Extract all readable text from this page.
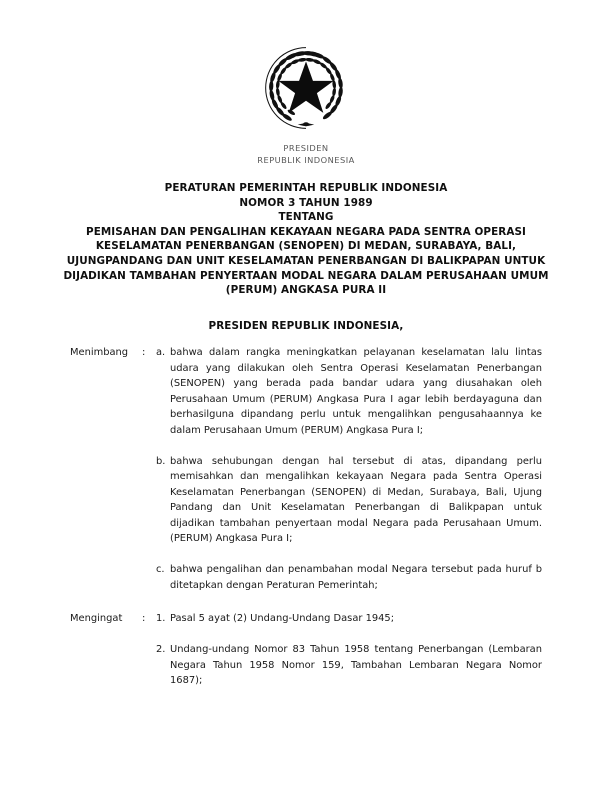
PRESIDEN
REPUBLIK INDONESIA
PERATURAN PEMERINTAH REPUBLIK INDONESIA
NOMOR 3 TAHUN 1989
TENTANG
PEMISAHAN DAN PENGALIHAN KEKAYAAN NEGARA PADA SENTRA OPERASI
KESELAMATAN PENERBANGAN (SENOPEN) DI MEDAN, SURABAYA, BALI,
UJUNGPANDANG DAN UNIT KESELAMATAN PENERBANGAN DI BALIKPAPAN UNTUK
DIJADIKAN TAMBAHAN PENYERTAAN MODAL NEGARA DALAM PERUSAHAAN UMUM
(PERUM) ANGKASA PURA II
PRESIDEN REPUBLIK INDONESIA,
Menimbang	:	a. bahwa dalam rangka meningkatkan pelayanan keselamatan lalu lintas udara yang dilakukan oleh Sentra Operasi Keselamatan Penerbangan (SENOPEN) yang berada pada bandar udara yang diusahakan oleh Perusahaan Umum (PERUM) Angkasa Pura I agar lebih berdayaguna dan berhasilguna dipandang perlu untuk mengalihkan pengusahaannya ke dalam Perusahaan Umum (PERUM) Angkasa Pura I;
b. bahwa sehubungan dengan hal tersebut di atas, dipandang perlu memisahkan dan mengalihkan kekayaan Negara pada Sentra Operasi Keselamatan Penerbangan (SENOPEN) di Medan, Surabaya, Bali, Ujung Pandang dan Unit Keselamatan Penerbangan di Balikpapan untuk dijadikan tambahan penyertaan modal Negara pada Perusahaan Umum. (PERUM) Angkasa Pura I;
c. bahwa pengalihan dan penambahan modal Negara tersebut pada huruf b ditetapkan dengan Peraturan Pemerintah;
Mengingat	:	1. Pasal 5 ayat (2) Undang-Undang Dasar 1945;
2. Undang-undang Nomor 83 Tahun 1958 tentang Penerbangan (Lembaran Negara Tahun 1958 Nomor 159, Tambahan Lembaran Negara Nomor 1687);
